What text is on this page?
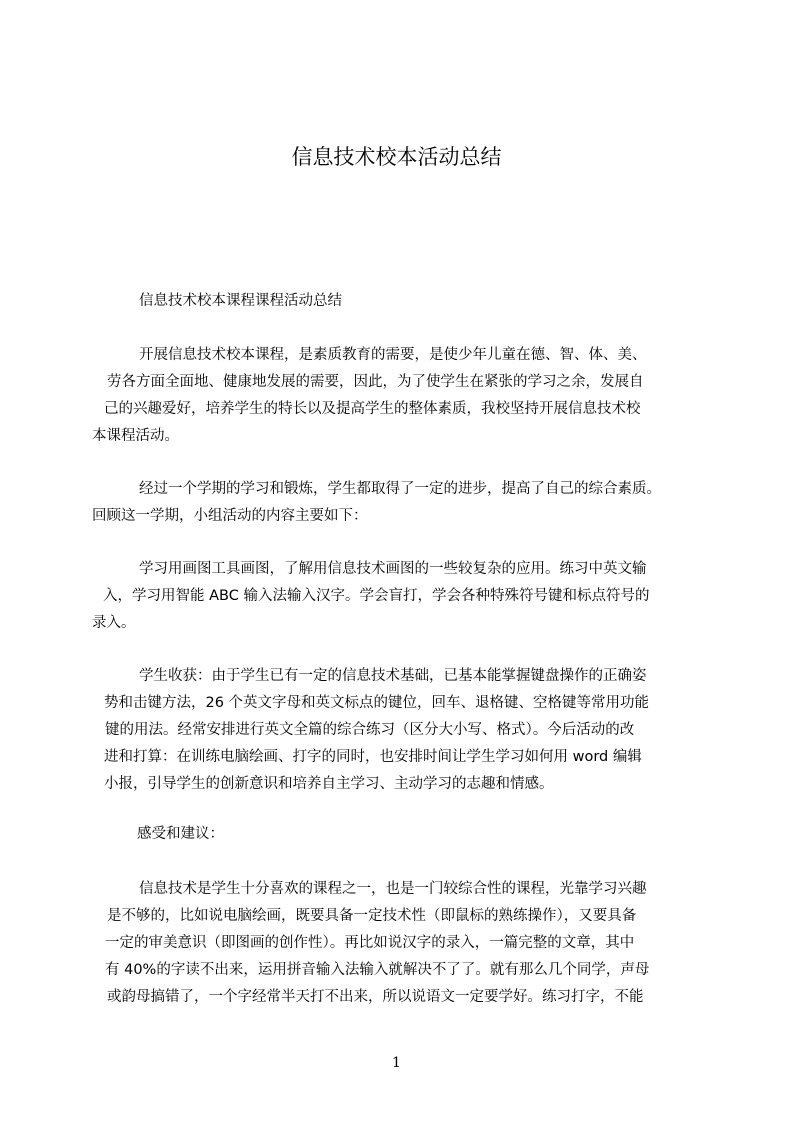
信息技术校本活动总结
信息技术校本课程课程活动总结
开展信息技术校本课程，是素质教育的需要，是使少年儿童在德、智、体、美、
劳各方面全面地、健康地发展的需要，因此，为了使学生在紧张的学习之余，发展自
己的兴趣爱好，培养学生的特长以及提高学生的整体素质，我校坚持开展信息技术校
本课程活动。
经过一个学期的学习和锻炼，学生都取得了一定的进步，提高了自己的综合素质。
回顾这一学期，小组活动的内容主要如下：
学习用画图工具画图，了解用信息技术画图的一些较复杂的应用。练习中英文输
入，学习用智能 ABC 输入法输入汉字。学会盲打，学会各种特殊符号键和标点符号的
录入。
学生收获：由于学生已有一定的信息技术基础，已基本能掌握键盘操作的正确姿
势和击键方法，26 个英文字母和英文标点的键位，回车、退格键、空格键等常用功能
键的用法。经常安排进行英文全篇的综合练习（区分大小写、格式）。今后活动的改
进和打算：在训练电脑绘画、打字的同时，也安排时间让学生学习如何用 word 编辑
小报，引导学生的创新意识和培养自主学习、主动学习的志趣和情感。
感受和建议：
信息技术是学生十分喜欢的课程之一，也是一门较综合性的课程，光靠学习兴趣
是不够的，比如说电脑绘画，既要具备一定技术性（即鼠标的熟练操作），又要具备
一定的审美意识（即图画的创作性）。再比如说汉字的录入，一篇完整的文章，其中
有 40%的字读不出来，运用拼音输入法输入就解决不了了。就有那么几个同学，声母
或韵母搞错了，一个字经常半天打不出来，所以说语文一定要学好。练习打字，不能
1
